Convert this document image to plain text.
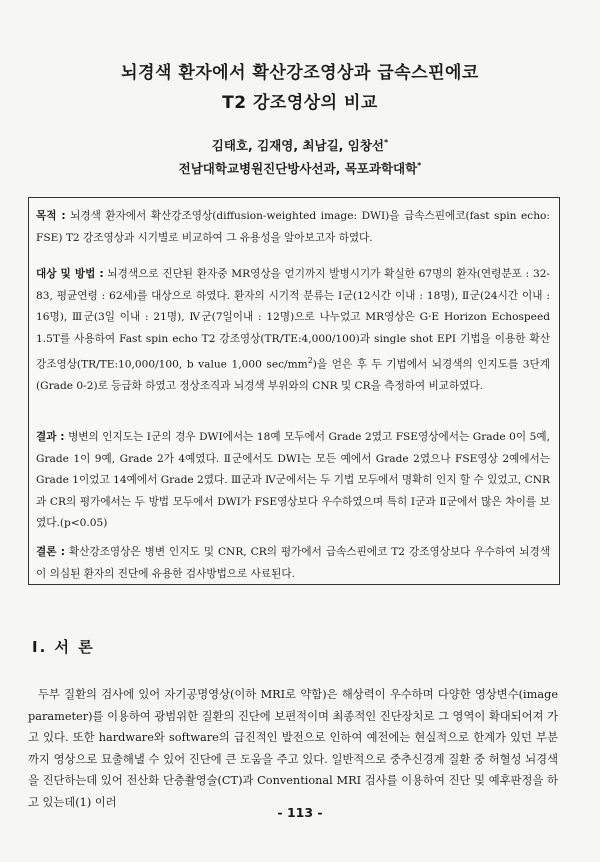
뇌경색 환자에서 확산강조영상과 급속스핀에코
T2 강조영상의 비교
김태호, 김재영, 최남길, 임창선*
전남대학교병원진단방사선과, 목포과학대학*
목적 : 뇌경색 환자에서 확산강조영상(diffusion-weighted image: DWI)을 급속스핀에코(fast spin echo: FSE) T2 강조영상과 시기별로 비교하여 그 유용성을 알아보고자 하였다.
대상 및 방법 : 뇌경색으로 진단된 환자중 MR영상을 얻기까지 발병시기가 확실한 67명의 환자(연령분포 : 32-83, 평균연령 : 62세)를 대상으로 하였다. 환자의 시기적 분류는 Ⅰ군(12시간 이내 : 18명), Ⅱ군(24시간 이내 : 16명), Ⅲ군(3일 이내 : 21명), Ⅳ군(7일이내 : 12명)으로 나누었고 MR영상은 G·E Horizon Echospeed 1.5T를 사용하여 Fast spin echo T2 강조영상(TR/TE:4,000/100)과 single shot EPI 기법을 이용한 확산강조영상(TR/TE:10,000/100, b value 1,000 $\sec/mm^2$)을 얻은 후 두 기법에서 뇌경색의 인지도를 3단계(Grade 0-2)로 등급화 하였고 정상조직과 뇌경색 부위와의 CNR 및 CR을 측정하여 비교하였다.
결과 : 병변의 인지도는 Ⅰ군의 경우 DWI에서는 18예 모두에서 Grade 2였고 FSE영상에서는 Grade 0이 5예, Grade 1이 9예, Grade 2가 4예였다. Ⅱ군에서도 DWI는 모든 예에서 Grade 2였으나 FSE영상 2예에서는 Grade 1이었고 14예에서 Grade 2였다. Ⅲ군과 Ⅳ군에서는 두 기법 모두에서 명확히 인지 할 수 있었고, CNR과 CR의 평가에서는 두 방법 모두에서 DWI가 FSE영상보다 우수하였으며 특히 Ⅰ군과 Ⅱ군에서 많은 차이를 보였다.(p<0.05)
결론 : 확산강조영상은 병변 인지도 및 CNR, CR의 평가에서 급속스핀에코 T2 강조영상보다 우수하여 뇌경색이 의심된 환자의 진단에 유용한 검사방법으로 사료된다.
Ⅰ. 서 론
두부 질환의 검사에 있어 자기공명영상(이하 MRI로 약함)은 해상력이 우수하며 다양한 영상변수(image parameter)를 이용하여 광범위한 질환의 진단에 보편적이며 최종적인 진단장치로 그 영역이 확대되어져 가고 있다. 또한 hardware와 software의 급진적인 발전으로 인하여 예전에는 현실적으로 한계가 있던 부분까지 영상으로 묘출해낼 수 있어 진단에 큰 도움을 주고 있다. 일반적으로 중추신경계 질환 중 허혈성 뇌경색을 진단하는데 있어 전산화 단층촬영술(CT)과 Conventional MRI 검사를 이용하여 진단 및 예후판정을 하고 있는데(1) 이러
- 113 -
